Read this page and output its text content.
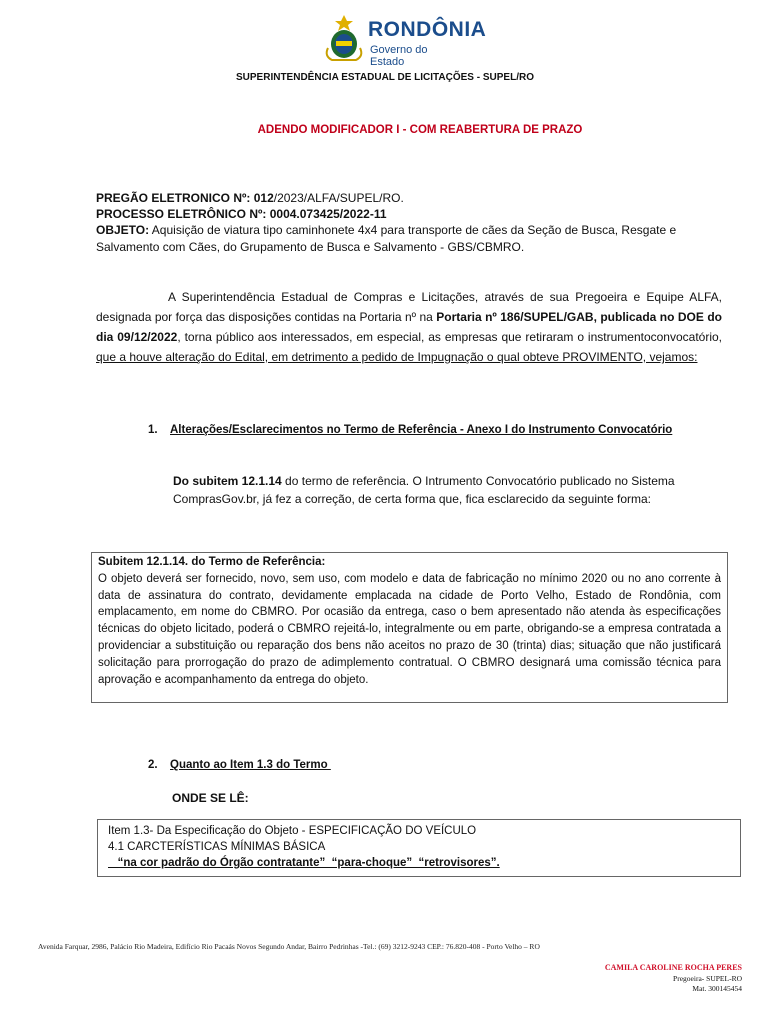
RONDÔNIA
Governo do Estado
SUPERINTENDÊNCIA ESTADUAL DE LICITAÇÕES - SUPEL/RO
ADENDO MODIFICADOR I - COM REABERTURA DE PRAZO
PREGÃO ELETRONICO Nº: 012/2023/ALFA/SUPEL/RO.
PROCESSO ELETRÔNICO Nº: 0004.073425/2022-11
OBJETO: Aquisição de viatura tipo caminhonete 4x4 para transporte de cães da Seção de Busca, Resgate e Salvamento com Cães, do Grupamento de Busca e Salvamento - GBS/CBMRO.
A Superintendência Estadual de Compras e Licitações, através de sua Pregoeira e Equipe ALFA, designada por força das disposições contidas na Portaria nº na Portaria nº 186/SUPEL/GAB, publicada no DOE do dia 09/12/2022, torna público aos interessados, em especial, as empresas que retiraram o instrumentoconvocatório, que a houve alteração do Edital, em detrimento a pedido de Impugnação o qual obteve PROVIMENTO, vejamos:
1. Alterações/Esclarecimentos no Termo de Referência - Anexo I do Instrumento Convocatório
Do subitem 12.1.14 do termo de referência. O Intrumento Convocatório publicado no Sistema ComprasGov.br, já fez a correção, de certa forma que, fica esclarecido da seguinte forma:
Subitem 12.1.14. do Termo de Referência:
O objeto deverá ser fornecido, novo, sem uso, com modelo e data de fabricação no mínimo 2020 ou no ano corrente à data de assinatura do contrato, devidamente emplacada na cidade de Porto Velho, Estado de Rondônia, com emplacamento, em nome do CBMRO. Por ocasião da entrega, caso o bem apresentado não atenda às especificações técnicas do objeto licitado, poderá o CBMRO rejeitá-lo, integralmente ou em parte, obrigando-se a empresa contratada a providenciar a substituição ou reparação dos bens não aceitos no prazo de 30 (trinta) dias; situação que não justificará solicitação para prorrogação do prazo de adimplemento contratual. O CBMRO designará uma comissão técnica para aprovação e acompanhamento da entrega do objeto.
2. Quanto ao Item 1.3 do Termo
ONDE SE LÊ:
Item 1.3- Da Especificação do Objeto - ESPECIFICAÇÃO DO VEÍCULO
4.1 CARCTERÍSTICAS MÍNIMAS BÁSICA
“na cor padrão do Órgão contratante”  “para-choque”  “retrovisores”.
Avenida Farquar, 2986, Palácio Rio Madeira, Edifício Rio Pacaás Novos Segundo Andar, Bairro Pedrinhas -Tel.: (69) 3212-9243 CEP.: 76.820-408 - Porto Velho – RO
CAMILA CAROLINE ROCHA PERES
Pregoeira- SUPEL-RO
Mat. 300145454
